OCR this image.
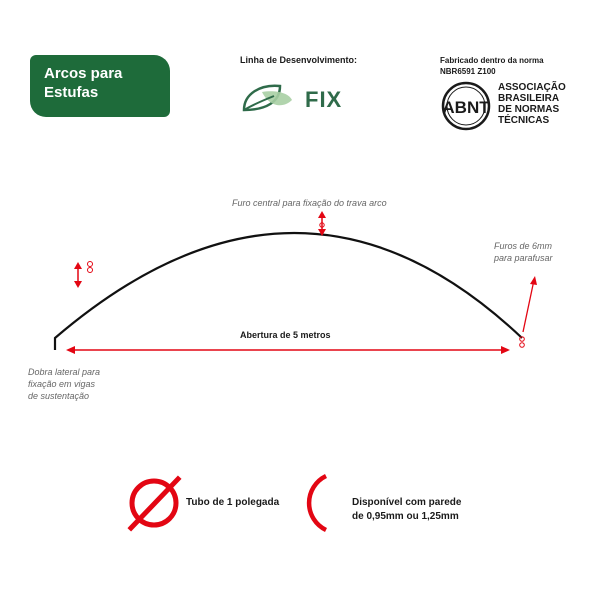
Arcos para
Estufas
Linha de Desenvolvimento:
FIX
Fabricado dentro da norma
NBR6591 Z100
ABNT
ASSOCIAÇÃO
BRASILEIRA
DE NORMAS
TÉCNICAS
Furo central para fixação do trava arco
Furos de 6mm
para parafusar
Dobra lateral para
fixação em vigas
de sustentação
Abertura de 5 metros
Tubo de 1 polegada	Disponível com parede
de 0,95mm ou 1,25mm
